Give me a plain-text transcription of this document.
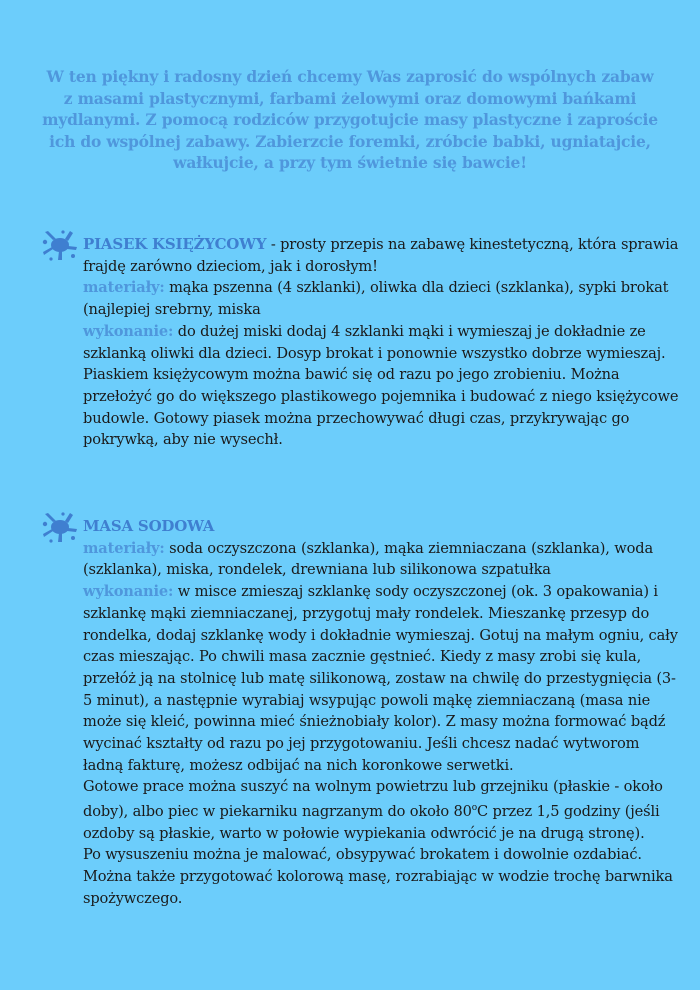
W ten piękny i radosny dzień chcemy Was zaprosić do wspólnych zabaw z masami plastycznymi, farbami żelowymi oraz domowymi bańkami mydlanymi. Z pomocą rodziców przygotujcie masy plastyczne i zaproście ich do wspólnej zabawy. Zabierzcie foremki, zróbcie babki, ugniatajcie, wałkujcie, a przy tym świetnie się bawcie!

PIASEK KSIĘŻYCOWY - prosty przepis na zabawę kinestetyczną, która sprawia frajdę zarówno dzieciom, jak i dorosłym!

materiały: mąka pszenna (4 szklanki), oliwka dla dzieci (szklanka), sypki brokat (najlepiej srebrny, miska

wykonanie: do dużej miski dodaj 4 szklanki mąki i wymieszaj je dokładnie ze szklanką oliwki dla dzieci. Dosyp brokat i ponownie wszystko dobrze wymieszaj. Piaskiem księżycowym można bawić się od razu po jego zrobieniu. Można przełożyć go do większego plastikowego pojemnika i budować z niego księżycowe budowle. Gotowy piasek można przechowywać długi czas, przykrywając go pokrywką, aby nie wysechł.

MASA SODOWA

materiały: soda oczyszczona (szklanka), mąka ziemniaczana (szklanka), woda (szklanka), miska, rondelek, drewniana lub silikonowa szpatułka

wykonanie: w misce zmieszaj szklankę sody oczyszczonej (ok. 3 opakowania) i szklankę mąki ziemniaczanej, przygotuj mały rondelek. Mieszankę przesyp do rondelka, dodaj szklankę wody i dokładnie wymieszaj. Gotuj na małym ogniu, cały czas mieszając. Po chwili masa zacznie gęstnieć. Kiedy z masy zrobi się kula, przełóż ją na stolnicę lub matę silikonową, zostaw na chwilę do przestygnięcia (3-5 minut), a następnie wyrabiaj wsypując powoli mąkę ziemniaczaną (masa nie może się kleić, powinna mieć śnieżnobiały kolor). Z masy można formować bądź wycinać kształty od razu po jej przygotowaniu. Jeśli chcesz nadać wytworom ładną fakturę, możesz odbijać na nich koronkowe serwetki.

Gotowe prace można suszyć na wolnym powietrzu lub grzejniku (płaskie - około doby), albo piec w piekarniku nagrzanym do około 80$^o$C przez 1,5 godziny (jeśli ozdoby są płaskie, warto w połowie wypiekania odwrócić je na drugą stronę).

Po wysuszeniu można je malować, obsypywać brokatem i dowolnie ozdabiać.

Można także przygotować kolorową masę, rozrabiając w wodzie trochę barwnika spożywczego.
